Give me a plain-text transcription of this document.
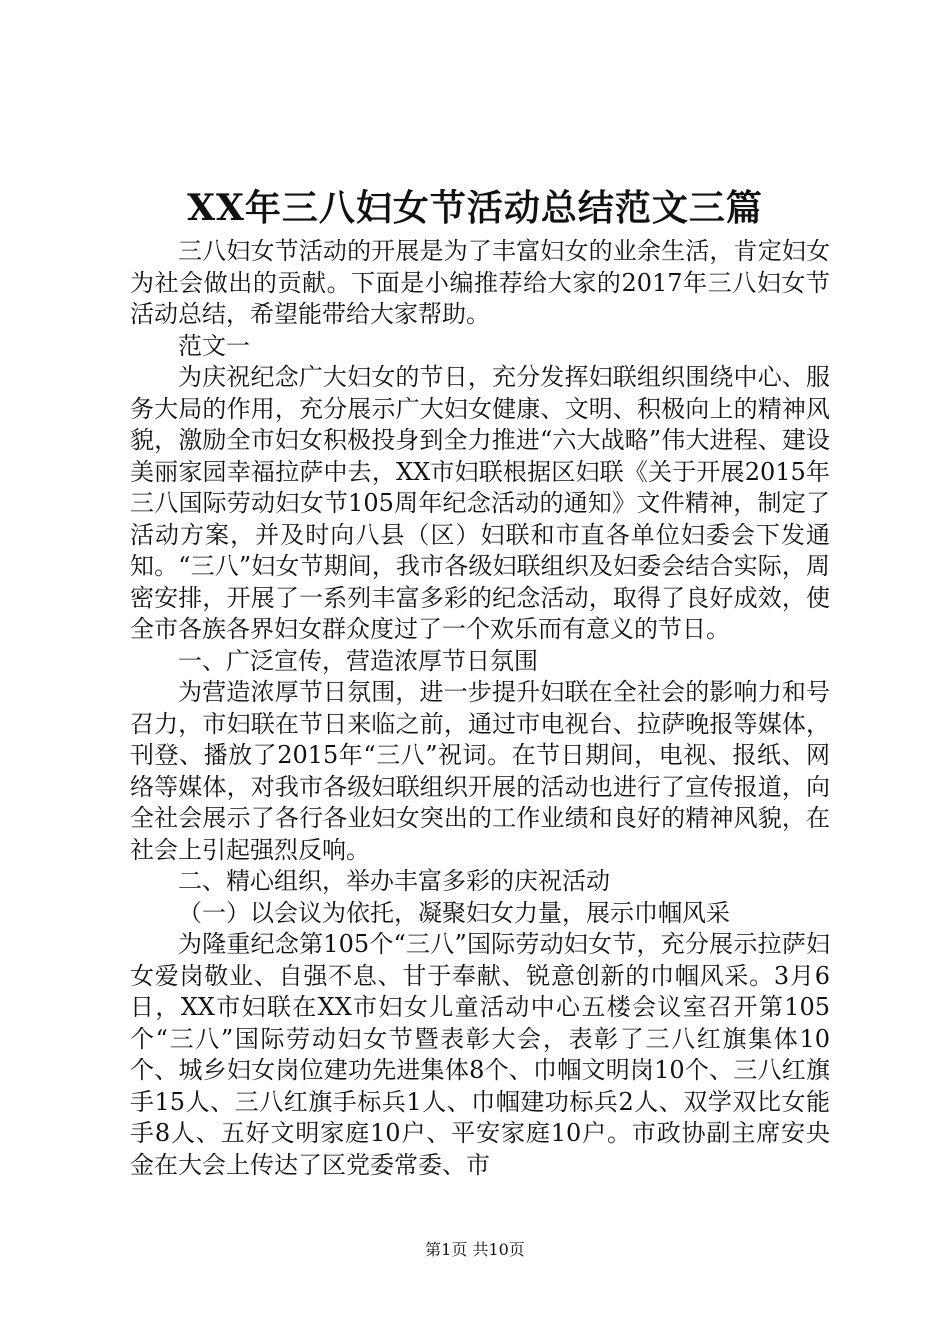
XX年三八妇女节活动总结范文三篇

三八妇女节活动的开展是为了丰富妇女的业余生活，肯定妇女为社会做出的贡献。下面是小编推荐给大家的2017年三八妇女节活动总结，希望能带给大家帮助。

范文一

为庆祝纪念广大妇女的节日，充分发挥妇联组织围绕中心、服务大局的作用，充分展示广大妇女健康、文明、积极向上的精神风貌，激励全市妇女积极投身到全力推进“六大战略”伟大进程、建设美丽家园幸福拉萨中去，XX市妇联根据区妇联《关于开展2015年三八国际劳动妇女节105周年纪念活动的通知》文件精神，制定了活动方案，并及时向八县（区）妇联和市直各单位妇委会下发通知。“三八”妇女节期间，我市各级妇联组织及妇委会结合实际，周密安排，开展了一系列丰富多彩的纪念活动，取得了良好成效，使全市各族各界妇女群众度过了一个欢乐而有意义的节日。

一、广泛宣传，营造浓厚节日氛围

为营造浓厚节日氛围，进一步提升妇联在全社会的影响力和号召力，市妇联在节日来临之前，通过市电视台、拉萨晚报等媒体，刊登、播放了2015年“三八”祝词。在节日期间，电视、报纸、网络等媒体，对我市各级妇联组织开展的活动也进行了宣传报道，向全社会展示了各行各业妇女突出的工作业绩和良好的精神风貌，在社会上引起强烈反响。

二、精心组织，举办丰富多彩的庆祝活动

（一）以会议为依托，凝聚妇女力量，展示巾帼风采

为隆重纪念第105个“三八”国际劳动妇女节，充分展示拉萨妇女爱岗敬业、自强不息、甘于奉献、锐意创新的巾帼风采。3月6日，XX市妇联在XX市妇女儿童活动中心五楼会议室召开第105个“三八”国际劳动妇女节暨表彰大会，表彰了三八红旗集体10个、城乡妇女岗位建功先进集体8个、巾帼文明岗10个、三八红旗手15人、三八红旗手标兵1人、巾帼建功标兵2人、双学双比女能手8人、五好文明家庭10户、平安家庭10户。市政协副主席安央金在大会上传达了区党委常委、市

第1页 共10页
